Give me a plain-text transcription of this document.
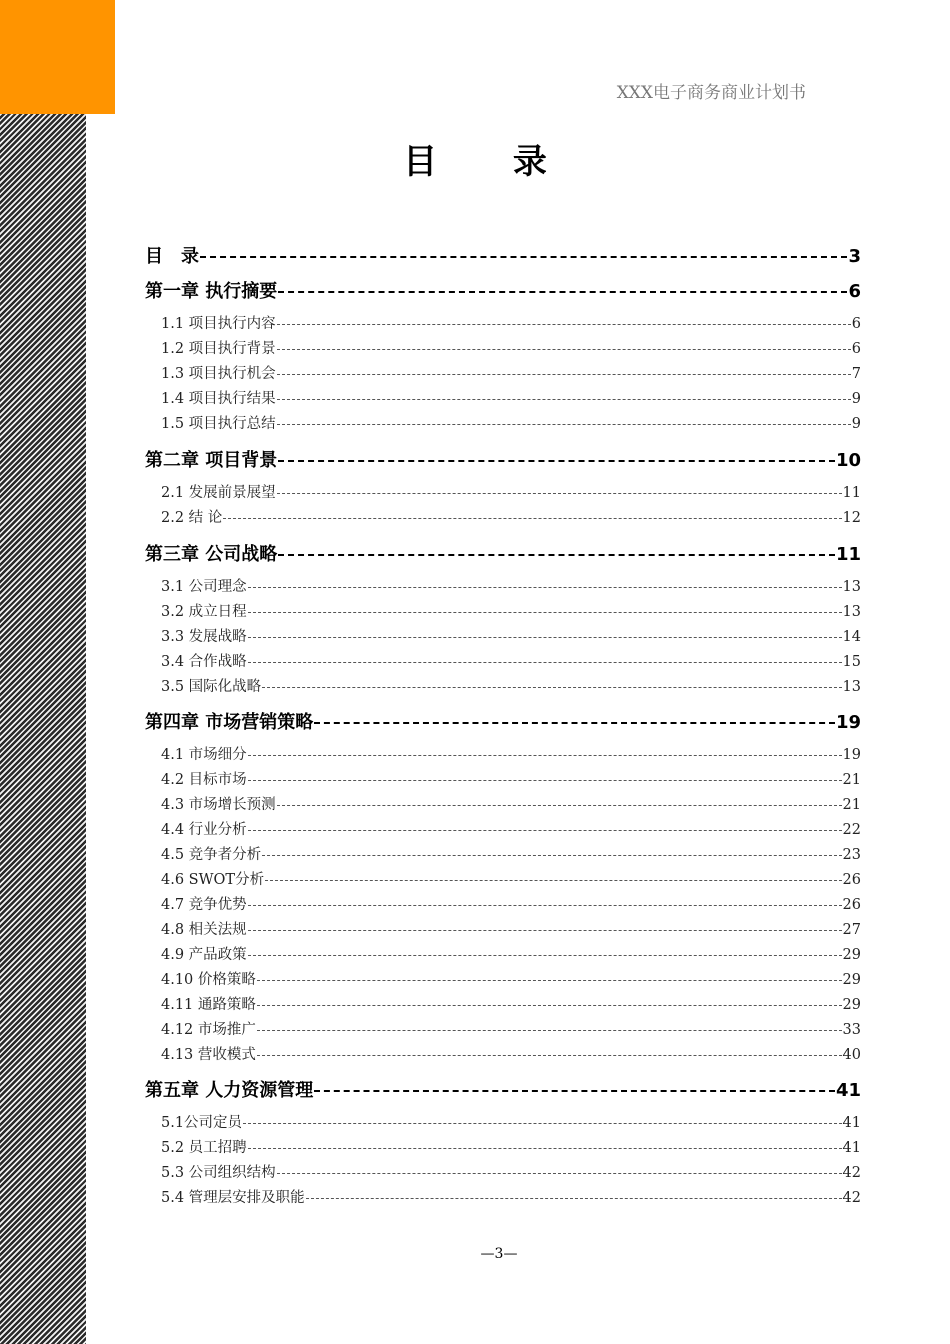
XXX电子商务商业计划书
目 录
目　录	3
第一章 执行摘要	6
1.1 项目执行内容	6
1.2 项目执行背景	6
1.3 项目执行机会	7
1.4 项目执行结果	9
1.5 项目执行总结	9
第二章 项目背景	10
2.1 发展前景展望	11
2.2 结 论	12
第三章 公司战略	11
3.1 公司理念	13
3.2 成立日程	13
3.3 发展战略	14
3.4 合作战略	15
3.5 国际化战略	13
第四章 市场营销策略	19
4.1 市场细分	19
4.2 目标市场	21
4.3 市场增长预测	21
4.4 行业分析	22
4.5 竞争者分析	23
4.6 SWOT分析	26
4.7 竞争优势	26
4.8 相关法规	27
4.9 产品政策	29
4.10 价格策略	29
4.11 通路策略	29
4.12 市场推广	33
4.13 营收模式	40
第五章 人力资源管理	41
5.1公司定员	41
5.2 员工招聘	41
5.3 公司组织结构	42
5.4 管理层安排及职能	42
—3—
